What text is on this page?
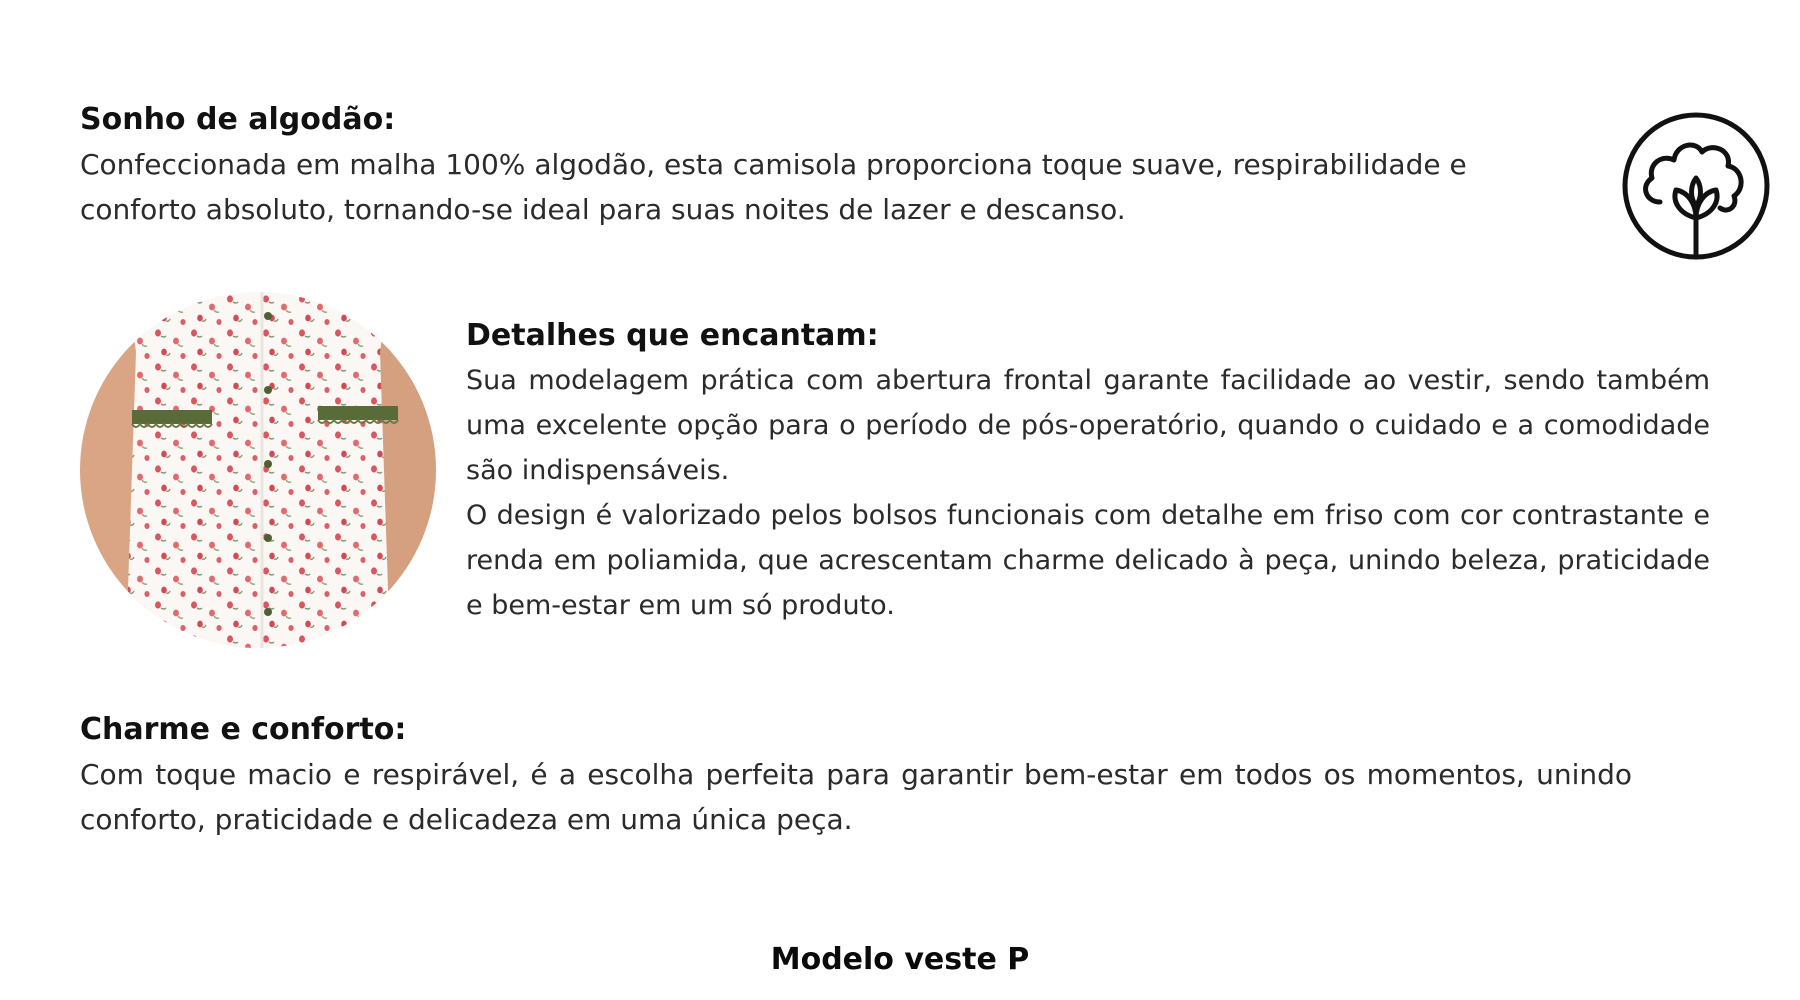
Sonho de algodão:

Confeccionada em malha 100% algodão, esta camisola proporciona toque suave, respirabilidade e conforto absoluto, tornando-se ideal para suas noites de lazer e descanso.

Detalhes que encantam:

Sua modelagem prática com abertura frontal garante facilidade ao vestir, sendo também uma excelente opção para o período de pós-operatório, quando o cuidado e a comodidade são indispensáveis.

O design é valorizado pelos bolsos funcionais com detalhe em friso com cor contrastante e renda em poliamida, que acrescentam charme delicado à peça, unindo beleza, praticidade e bem-estar em um só produto.

Charme e conforto:

Com toque macio e respirável, é a escolha perfeita para garantir bem-estar em todos os momentos, unindo conforto, praticidade e delicadeza em uma única peça.

Modelo veste P
